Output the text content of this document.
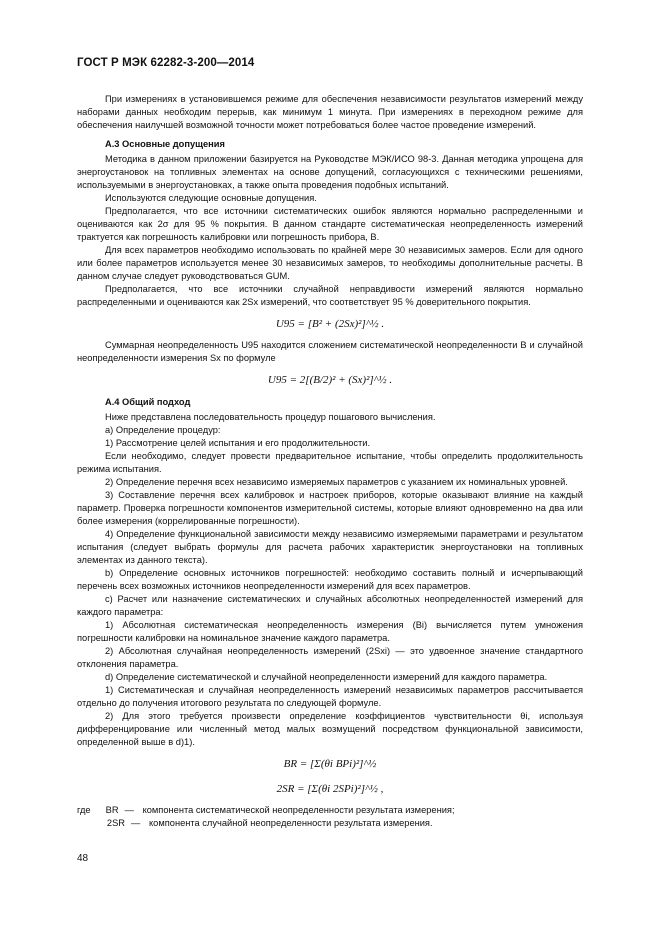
ГОСТ Р МЭК 62282-3-200—2014

При измерениях в установившемся режиме для обеспечения независимости результатов измерений между наборами данных необходим перерыв, как минимум 1 минута. При измерениях в переходном режиме для обеспечения наилучшей возможной точности может потребоваться более частое проведение измерений.

А.3 Основные допущения

Методика в данном приложении базируется на Руководстве МЭК/ИСО 98-3. Данная методика упрощена для энергоустановок на топливных элементах на основе допущений, согласующихся с техническими решениями, используемыми в энергоустановках, а также опыта проведения подобных испытаний.

Используются следующие основные допущения.

Предполагается, что все источники систематических ошибок являются нормально распределенными и оцениваются как 2σ для 95 % покрытия. В данном стандарте систематическая неопределенность измерений трактуется как погрешность калибровки или погрешность прибора, B.

Для всех параметров необходимо использовать по крайней мере 30 независимых замеров. Если для одного или более параметров используется менее 30 независимых замеров, то необходимы дополнительные расчеты. В данном случае следует руководствоваться GUM.

Предполагается, что все источники случайной неправдивости измерений являются нормально распределенными и оцениваются как 2Sx измерений, что соответствует 95 % доверительного покрытия.

U95 = [B² + (2Sx)²]^½ .

Суммарная неопределенность U95 находится сложением систематической неопределенности B и случайной неопределенности измерения Sx по формуле

U95 = 2[(B/2)² + (Sx)²]^½ .
А.4 Общий подход

Ниже представлена последовательность процедур пошагового вычисления.

а) Определение процедур:

1) Рассмотрение целей испытания и его продолжительности.

Если необходимо, следует провести предварительное испытание, чтобы определить продолжительность режима испытания.

2) Определение перечня всех независимо измеряемых параметров с указанием их номинальных уровней.

3) Составление перечня всех калибровок и настроек приборов, которые оказывают влияние на каждый параметр. Проверка погрешности компонентов измерительной системы, которые влияют одновременно на два или более измерения (коррелированные погрешности).

4) Определение функциональной зависимости между независимо измеряемыми параметрами и результатом испытания (следует выбрать формулы для расчета рабочих характеристик энергоустановки на топливных элементах из данного текста).

b) Определение основных источников погрешностей: необходимо составить полный и исчерпывающий перечень всех возможных источников неопределенности измерений для всех параметров.

c) Расчет или назначение систематических и случайных абсолютных неопределенностей измерений для каждого параметра:

1) Абсолютная систематическая неопределенность измерения (Bi) вычисляется путем умножения погрешности калибровки на номинальное значение каждого параметра.

2) Абсолютная случайная неопределенность измерений (2Sxi) — это удвоенное значение стандартного отклонения параметра.

d) Определение систематической и случайной неопределенности измерений для каждого параметра.

1) Систематическая и случайная неопределенность измерений независимых параметров рассчитывается отдельно до получения итогового результата по следующей формуле.

2) Для этого требуется произвести определение коэффициентов чувствительности θi, используя дифференцирование или численный метод малых возмущений посредством функциональной зависимости, определенной выше в d)1).

BR = [Σ(θi BPi)²]^½
2SR = [Σ(θi 2SPi)²]^½ ,
где	BR — компонента систематической неопределенности результата измерения;
2SR — компонента случайной неопределенности результата измерения.
48
